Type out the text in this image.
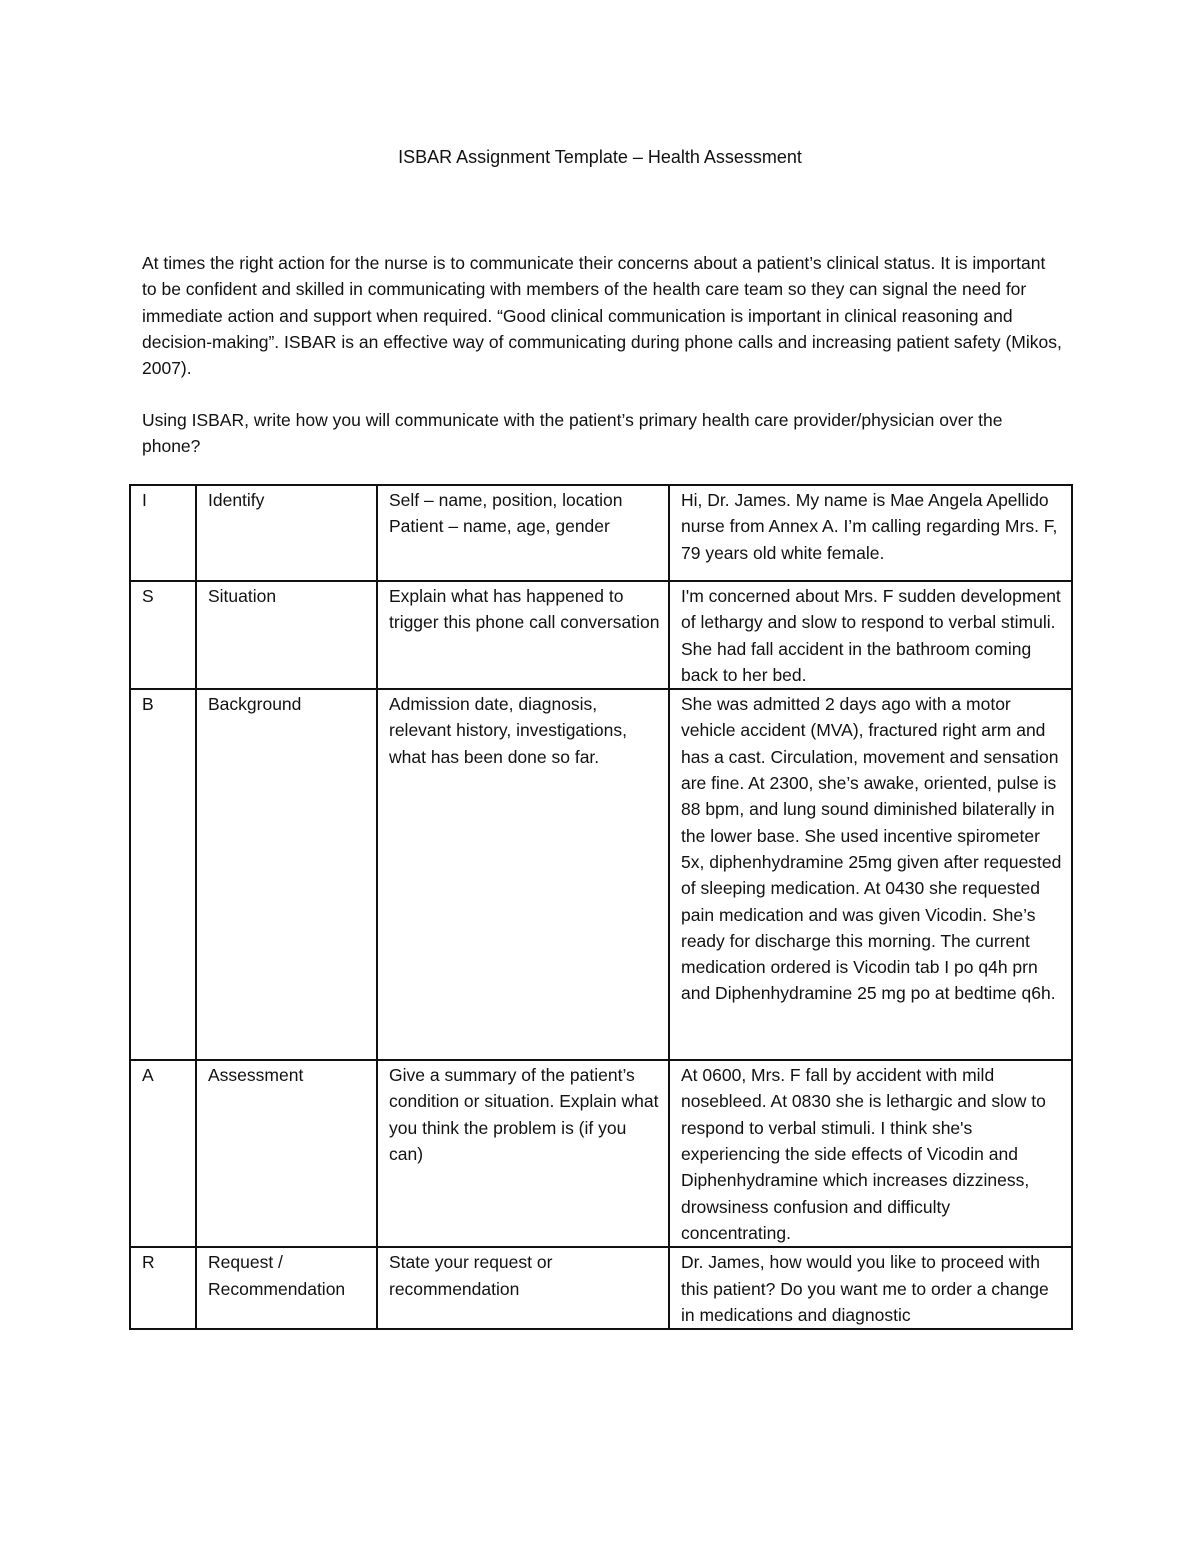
ISBAR Assignment Template – Health Assessment

At times the right action for the nurse is to communicate their concerns about a patient’s clinical status. It is important to be confident and skilled in communicating with members of the health care team so they can signal the need for immediate action and support when required. “Good clinical communication is important in clinical reasoning and decision-making”. ISBAR is an effective way of communicating during phone calls and increasing patient safety (Mikos, 2007).

Using ISBAR, write how you will communicate with the patient’s primary health care provider/physician over the phone?

I	Identify	Self – name, position, location Patient – name, age, gender	Hi, Dr. James. My name is Mae Angela Apellido nurse from Annex A. I’m calling regarding Mrs. F, 79 years old white female.

S	Situation	Explain what has happened to trigger this phone call conversation	I'm concerned about Mrs. F sudden development of lethargy and slow to respond to verbal stimuli. She had fall accident in the bathroom coming back to her bed.

B	Background	Admission date, diagnosis, relevant history, investigations, what has been done so far.	She was admitted 2 days ago with a motor vehicle accident (MVA), fractured right arm and has a cast. Circulation, movement and sensation are fine. At 2300, she’s awake, oriented, pulse is 88 bpm, and lung sound diminished bilaterally in the lower base. She used incentive spirometer 5x, diphenhydramine 25mg given after requested of sleeping medication. At 0430 she requested pain medication and was given Vicodin. She’s ready for discharge this morning. The current medication ordered is Vicodin tab I po q4h prn and Diphenhydramine 25 mg po at bedtime q6h.

A	Assessment	Give a summary of the patient’s condition or situation. Explain what you think the problem is (if you can)	At 0600, Mrs. F fall by accident with mild nosebleed. At 0830 she is lethargic and slow to respond to verbal stimuli. I think she's experiencing the side effects of Vicodin and Diphenhydramine which increases dizziness, drowsiness confusion and difficulty concentrating.

R	Request / Recommendation	State your request or recommendation	Dr. James, how would you like to proceed with this patient? Do you want me to order a change in medications and diagnostic
